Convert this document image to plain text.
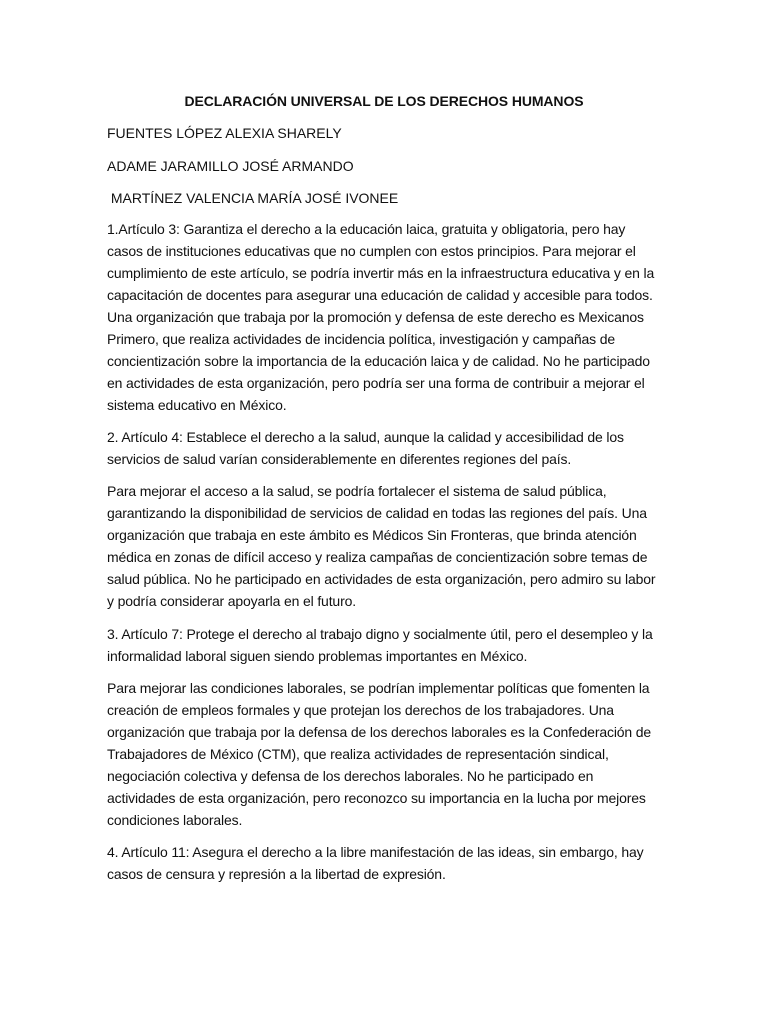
DECLARACIÓN UNIVERSAL DE LOS DERECHOS HUMANOS
FUENTES LÓPEZ ALEXIA SHARELY
ADAME JARAMILLO JOSÉ ARMANDO
MARTÍNEZ VALENCIA MARÍA JOSÉ IVONEE

1.Artículo 3: Garantiza el derecho a la educación laica, gratuita y obligatoria, pero hay casos de instituciones educativas que no cumplen con estos principios. Para mejorar el cumplimiento de este artículo, se podría invertir más en la infraestructura educativa y en la capacitación de docentes para asegurar una educación de calidad y accesible para todos. Una organización que trabaja por la promoción y defensa de este derecho es Mexicanos Primero, que realiza actividades de incidencia política, investigación y campañas de concientización sobre la importancia de la educación laica y de calidad. No he participado en actividades de esta organización, pero podría ser una forma de contribuir a mejorar el sistema educativo en México.

2. Artículo 4: Establece el derecho a la salud, aunque la calidad y accesibilidad de los servicios de salud varían considerablemente en diferentes regiones del país.

Para mejorar el acceso a la salud, se podría fortalecer el sistema de salud pública, garantizando la disponibilidad de servicios de calidad en todas las regiones del país. Una organización que trabaja en este ámbito es Médicos Sin Fronteras, que brinda atención médica en zonas de difícil acceso y realiza campañas de concientización sobre temas de salud pública. No he participado en actividades de esta organización, pero admiro su labor y podría considerar apoyarla en el futuro.

3. Artículo 7: Protege el derecho al trabajo digno y socialmente útil, pero el desempleo y la informalidad laboral siguen siendo problemas importantes en México.

Para mejorar las condiciones laborales, se podrían implementar políticas que fomenten la creación de empleos formales y que protejan los derechos de los trabajadores. Una organización que trabaja por la defensa de los derechos laborales es la Confederación de Trabajadores de México (CTM), que realiza actividades de representación sindical, negociación colectiva y defensa de los derechos laborales. No he participado en actividades de esta organización, pero reconozco su importancia en la lucha por mejores condiciones laborales.

4. Artículo 11: Asegura el derecho a la libre manifestación de las ideas, sin embargo, hay casos de censura y represión a la libertad de expresión.
